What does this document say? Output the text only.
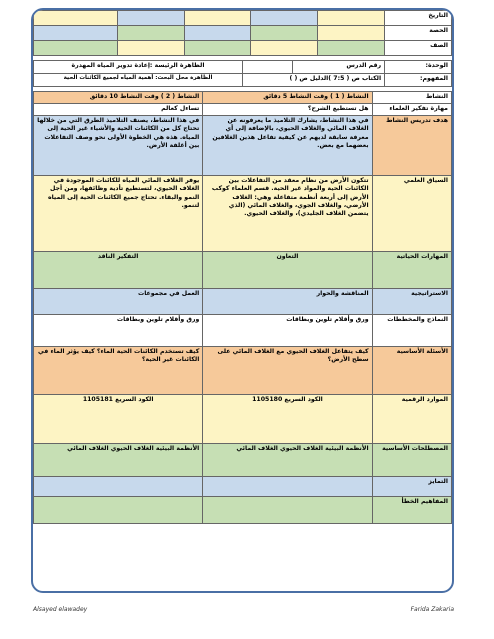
التاريخ					
الحصة					
الصف					
الوحدة:	رقم الدرس		الظاهرة الرئيسة :إعادة تدوير المياه المهدرة
المفهوم:	الكتاب ص ( 7:5 )الدليل ص ( )		الظاهرة محل البحث: أهمية المياه لجميع الكائنات الحية
النشاط	النشاط ( 1 ) وقت النشاط 5 دقائق	النشاط ( 2 ) وقت النشاط 10 دقائق
مهارة تفكير العلماء	هل تستطيع الشرح؟	تساءل كعالم
هدف تدريس النشاط	في هذا النشاط، يشارك التلاميذ ما يعرفونه عن الغلاف المائي والغلاف الحيوي، بالإضافة إلى أي معرفة سابقة لديهم عن كيفية تفاعل هذين الغلافين بعضهما مع بعض.	في هذا النشاط، يصنف التلاميذ الطرق التي من خلالها تحتاج كل من الكائنات الحية والأشياء غير الحية إلى المياه. هذه هي الخطوة الأولى نحو وصف التفاعلات بين أغلفة الأرض.
السياق العلمي	تتكون الأرض من نظام معقد من التفاعلات بين الكائنات الحية والمواد غير الحية. قسم العلماء كوكب الأرض إلى أربعة أنظمة متفاعلة وهي: الغلاف الأرضي، والغلاف الجوي، والغلاف المائي (الذي يتضمن الغلاف الجليدي)، والغلاف الحيوي.	يوفر الغلاف المائي المياه للكائنات الموجودة في الغلاف الحيوي، لتستطيع تأدية وظائفها، ومن أجل النمو والبقاء. تحتاج جميع الكائنات الحية إلى المياه لتنمو.
المهارات الحياتية	التعاون	التفكير الناقد
الاستراتيجية	المناقشة والحوار	العمل في مجموعات
النماذج والمخططات	ورق وأقلام تلوين وبطاقات	ورق وأقلام تلوين وبطاقات
الأسئلة الأساسية	كيف يتفاعل الغلاف الحيوي مع الغلاف المائي على سطح الأرض؟	كيف تستخدم الكائنات الحية الماء؟ كيف يؤثر الماء في الكائنات غير الحية؟
الموارد الرقمية	الكود السريع 1105180	الكود السريع 1105181
المصطلحات الأساسية	الأنظمة البيئية الغلاف الحيوي الغلاف المائي	الأنظمة البيئية الغلاف الحيوي الغلاف المائي
التمايز		
المفاهيم الخطأ		
Alsayed elawadey	Farida Zakaria
